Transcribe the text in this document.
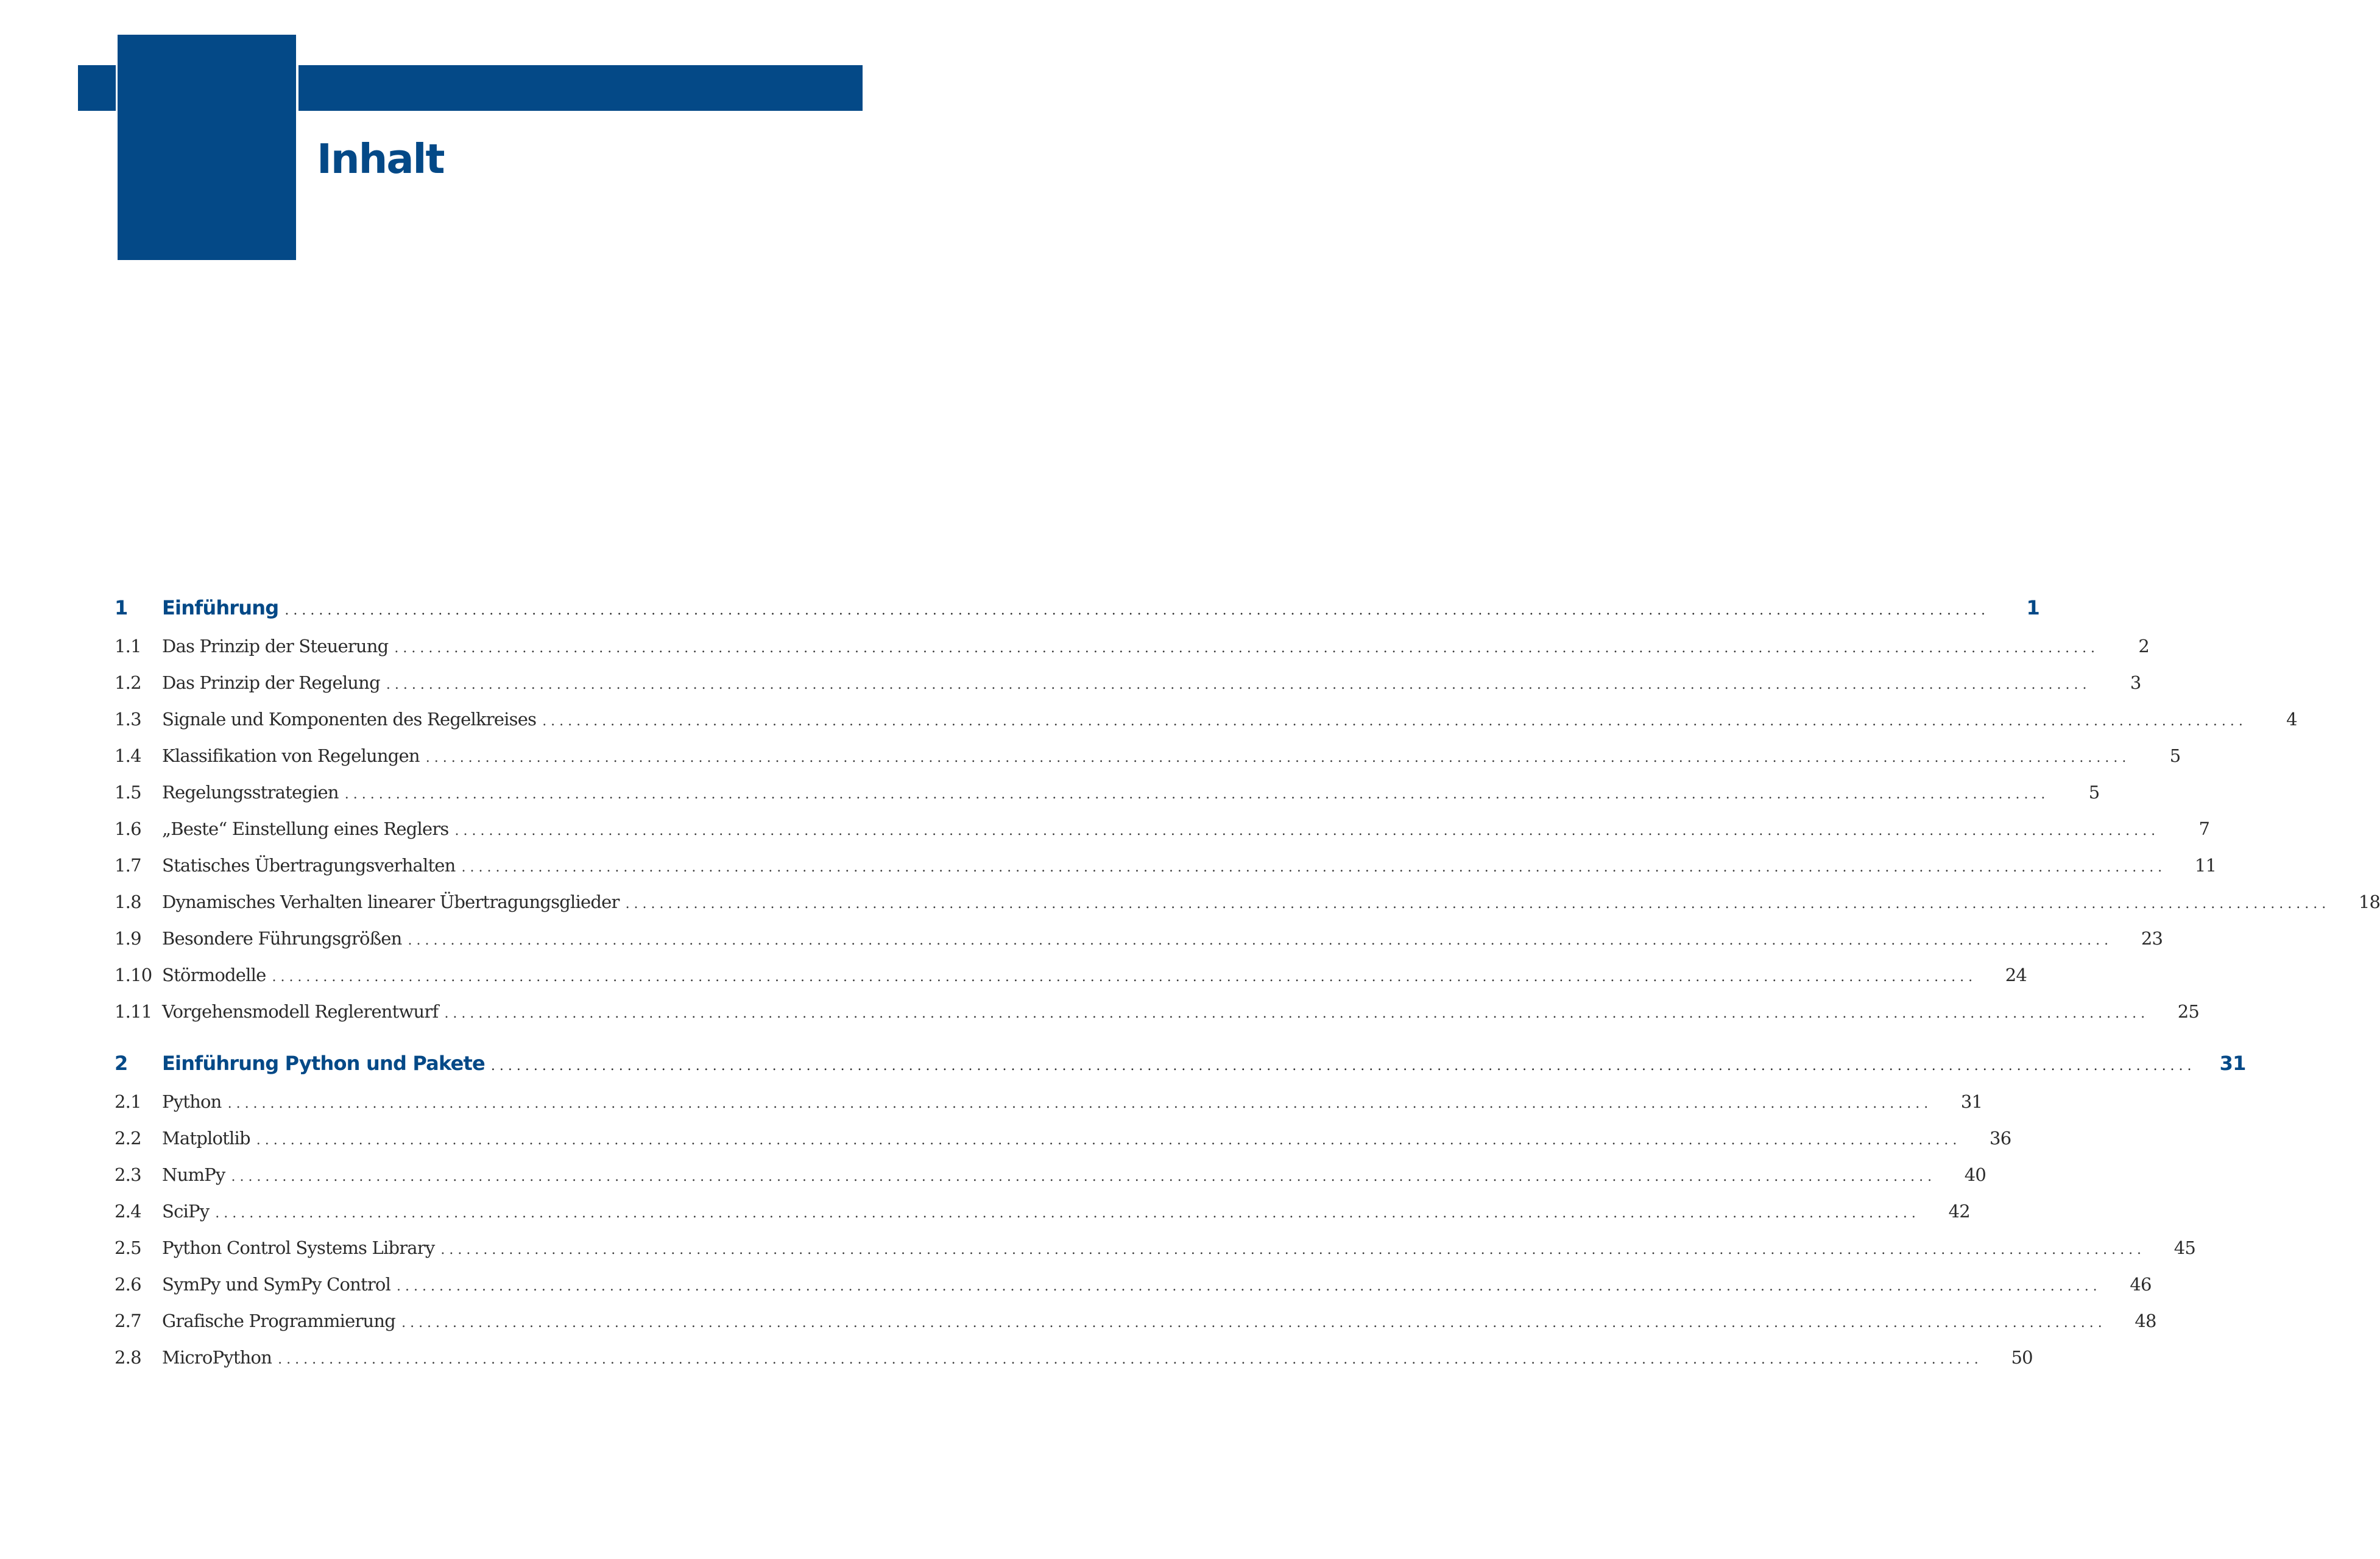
Inhalt
1	Einführung ........................................................................................................................................................................................................	1
1.1	Das Prinzip der Steuerung ........................................................................................................................................................................................................	2
1.2	Das Prinzip der Regelung ........................................................................................................................................................................................................	3
1.3	Signale und Komponenten des Regelkreises ........................................................................................................................................................................................................	4
1.4	Klassifikation von Regelungen ........................................................................................................................................................................................................	5
1.5	Regelungsstrategien ........................................................................................................................................................................................................	5
1.6	„Beste“ Einstellung eines Reglers ........................................................................................................................................................................................................	7
1.7	Statisches Übertragungsverhalten ........................................................................................................................................................................................................	11
1.8	Dynamisches Verhalten linearer Übertragungsglieder ........................................................................................................................................................................................................	18
1.9	Besondere Führungsgrößen ........................................................................................................................................................................................................	23
1.10 Störmodelle ........................................................................................................................................................................................................	24
1.11 Vorgehensmodell Reglerentwurf ........................................................................................................................................................................................................	25
2	Einführung Python und Pakete ........................................................................................................................................................................................................	31
2.1	Python ........................................................................................................................................................................................................	31
2.2	Matplotlib ........................................................................................................................................................................................................	36
2.3	NumPy ........................................................................................................................................................................................................	40
2.4	SciPy ........................................................................................................................................................................................................	42
2.5	Python Control Systems Library ........................................................................................................................................................................................................	45
2.6	SymPy und SymPy Control ........................................................................................................................................................................................................	46
2.7	Grafische Programmierung ........................................................................................................................................................................................................	48
2.8	MicroPython ........................................................................................................................................................................................................	50
